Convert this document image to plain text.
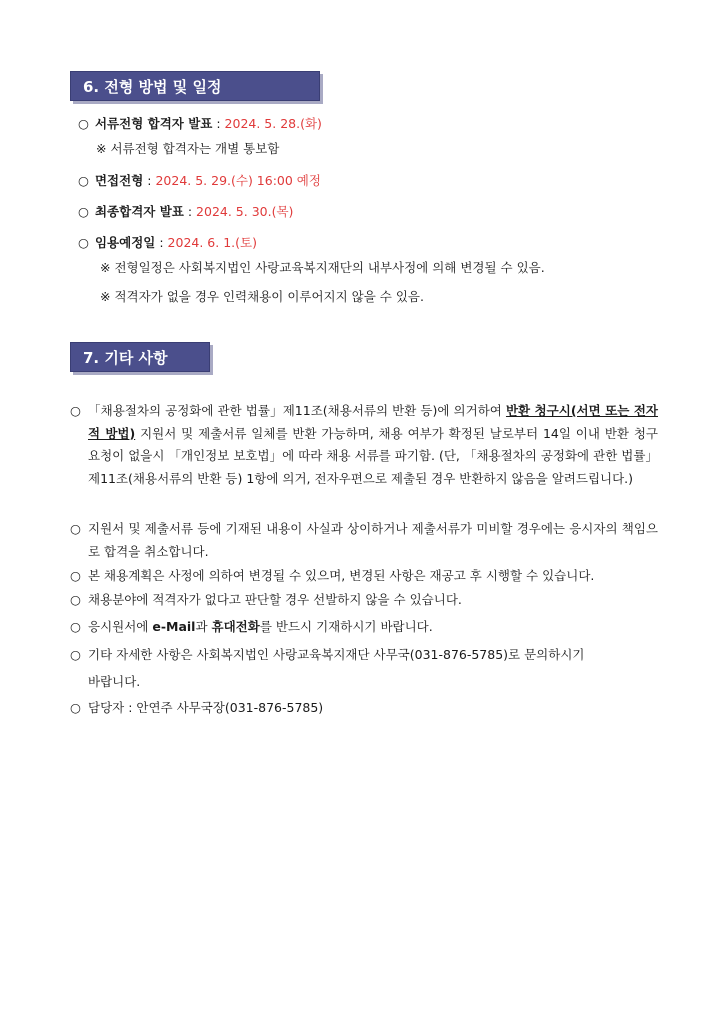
6. 전형 방법 및 일정
○ 서류전형 합격자 발표 : 2024. 5. 28.(화)
※ 서류전형 합격자는 개별 통보함
○ 면접전형 : 2024. 5. 29.(수) 16:00 예정
○ 최종합격자 발표 : 2024. 5. 30.(목)
○ 임용예정일 : 2024. 6. 1.(토)
※ 전형일정은 사회복지법인 사랑교육복지재단의 내부사정에 의해 변경될 수 있음.
※ 적격자가 없을 경우 인력채용이 이루어지지 않을 수 있음.
7. 기타 사항
○ 「채용절차의 공정화에 관한 법률」제11조(채용서류의 반환 등)에 의거하여 반환 청구시(서면 또는 전자적 방법) 지원서 및 제출서류 일체를 반환 가능하며, 채용 여부가 확정된 날로부터 14일 이내 반환 청구 요청이 없을시 「개인정보 보호법」에 따라 채용 서류를 파기함. (단, 「채용절차의 공정화에 관한 법률」제11조(채용서류의 반환 등) 1항에 의거, 전자우편으로 제출된 경우 반환하지 않음을 알려드립니다.)
○ 지원서 및 제출서류 등에 기재된 내용이 사실과 상이하거나 제출서류가 미비할 경우에는 응시자의 책임으로 합격을 취소합니다.
○ 본 채용계획은 사정에 의하여 변경될 수 있으며, 변경된 사항은 재공고 후 시행할 수 있습니다.
○ 채용분야에 적격자가 없다고 판단할 경우 선발하지 않을 수 있습니다.
○ 응시원서에 e-Mail과 휴대전화를 반드시 기재하시기 바랍니다.
○ 기타 자세한 사항은 사회복지법인 사랑교육복지재단 사무국(031-876-5785)로 문의하시기
바랍니다.
○ 담당자 : 안연주 사무국장(031-876-5785)
